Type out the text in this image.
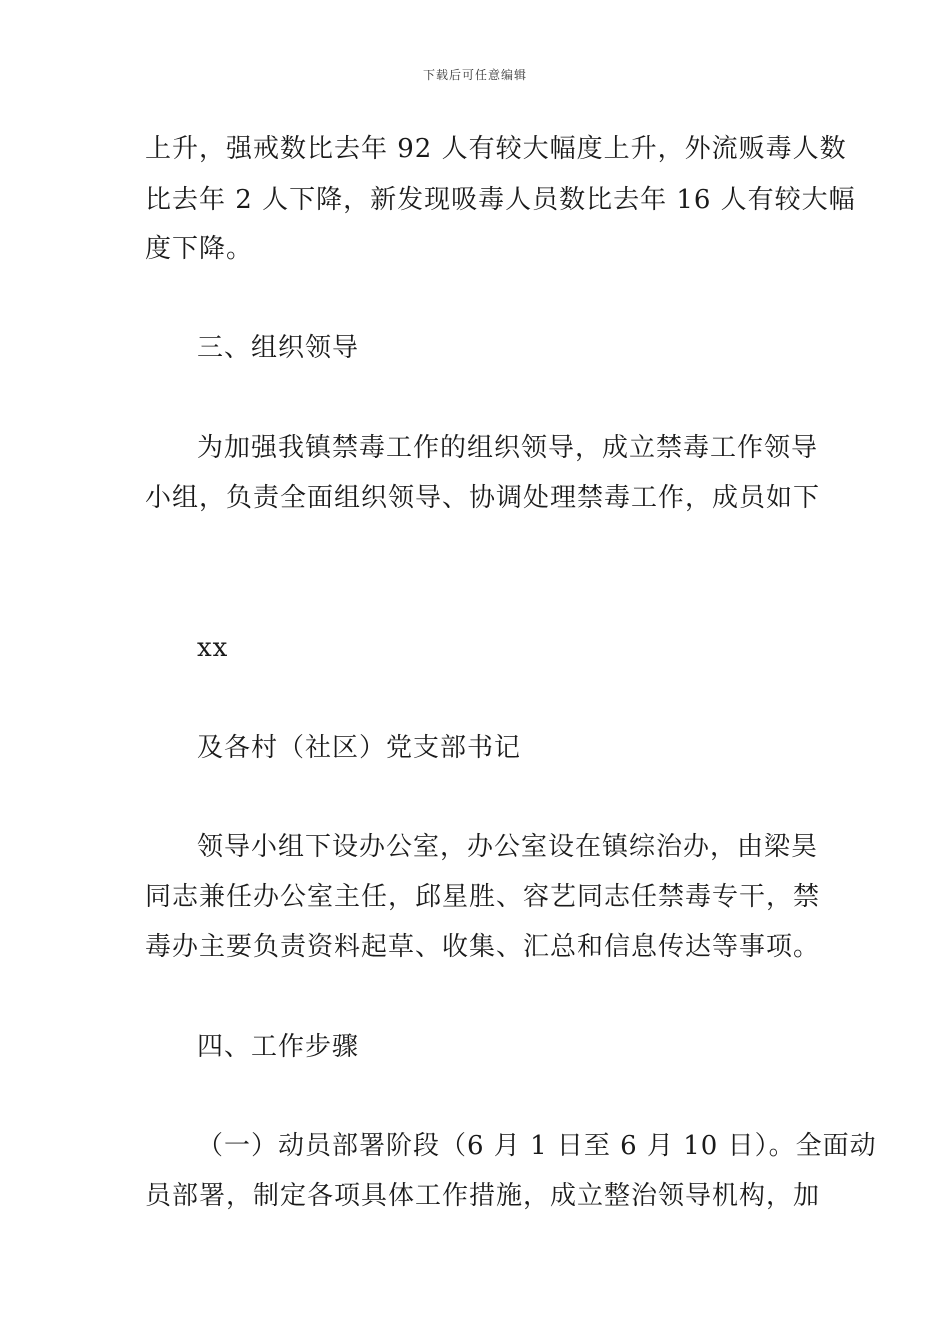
下载后可任意编辑
上升，强戒数比去年 92 人有较大幅度上升，外流贩毒人数
比去年 2 人下降，新发现吸毒人员数比去年 16 人有较大幅
度下降。
三、组织领导
为加强我镇禁毒工作的组织领导，成立禁毒工作领导
小组，负责全面组织领导、协调处理禁毒工作，成员如下
xx
及各村（社区）党支部书记
领导小组下设办公室，办公室设在镇综治办，由梁昊
同志兼任办公室主任，邱星胜、容艺同志任禁毒专干，禁
毒办主要负责资料起草、收集、汇总和信息传达等事项。
四、工作步骤
（一）动员部署阶段（6 月 1 日至 6 月 10 日）。全面动
员部署，制定各项具体工作措施，成立整治领导机构，加
